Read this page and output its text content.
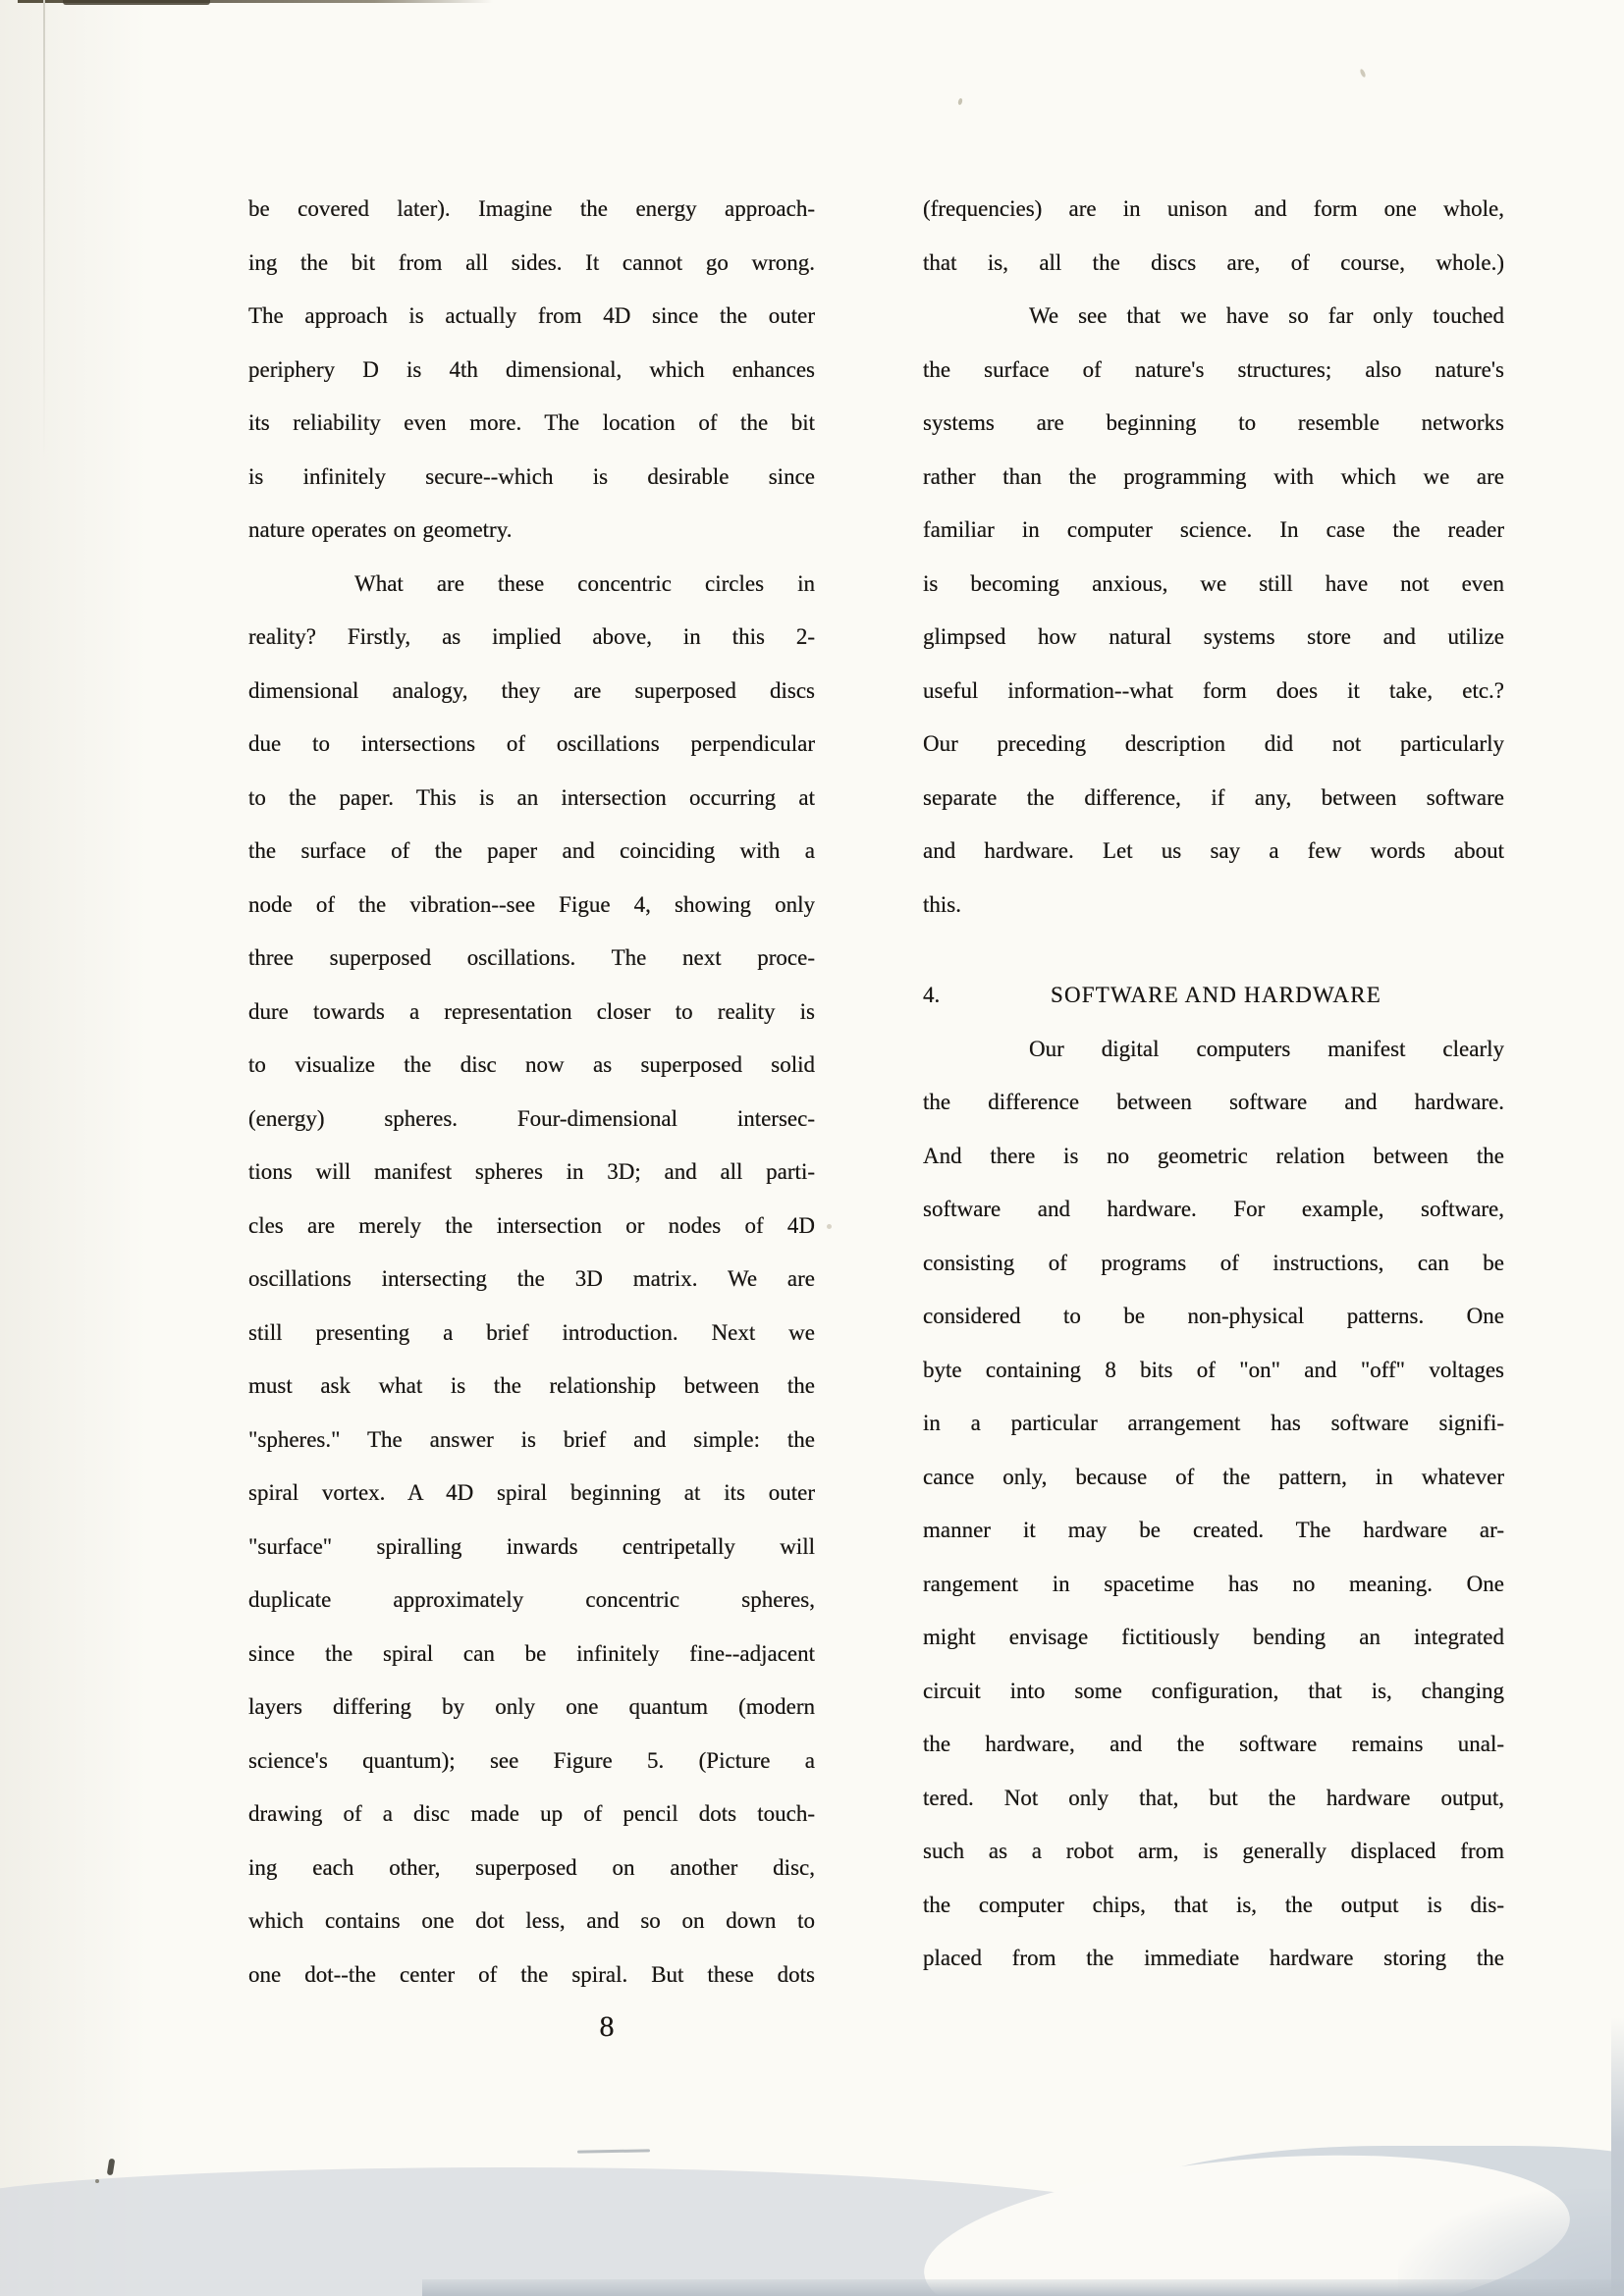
be covered later). Imagine the energy approach-
ing the bit from all sides. It cannot go wrong.
The approach is actually from 4D since the outer
periphery D is 4th dimensional, which enhances
its reliability even more. The location of the bit
is infinitely secure--which is desirable since
nature operates on geometry.
What are these concentric circles in
reality? Firstly, as implied above, in this 2-
dimensional analogy, they are superposed discs
due to intersections of oscillations perpendicular
to the paper. This is an intersection occurring at
the surface of the paper and coinciding with a
node of the vibration--see Figue 4, showing only
three superposed oscillations. The next proce-
dure towards a representation closer to reality is
to visualize the disc now as superposed solid
(energy) spheres. Four-dimensional intersec-
tions will manifest spheres in 3D; and all parti-
cles are merely the intersection or nodes of 4D
oscillations intersecting the 3D matrix. We are
still presenting a brief introduction. Next we
must ask what is the relationship between the
"spheres." The answer is brief and simple: the
spiral vortex. A 4D spiral beginning at its outer
"surface" spiralling inwards centripetally will
duplicate approximately concentric spheres,
since the spiral can be infinitely fine--adjacent
layers differing by only one quantum (modern
science's quantum); see Figure 5. (Picture a
drawing of a disc made up of pencil dots touch-
ing each other, superposed on another disc,
which contains one dot less, and so on down to
one dot--the center of the spiral. But these dots
(frequencies) are in unison and form one whole,
that is, all the discs are, of course, whole.)
We see that we have so far only touched
the surface of nature's structures; also nature's
systems are beginning to resemble networks
rather than the programming with which we are
familiar in computer science. In case the reader
is becoming anxious, we still have not even
glimpsed how natural systems store and utilize
useful information--what form does it take, etc.?
Our preceding description did not particularly
separate the difference, if any, between software
and hardware. Let us say a few words about
this.
4.	SOFTWARE AND HARDWARE
Our digital computers manifest clearly
the difference between software and hardware.
And there is no geometric relation between the
software and hardware. For example, software,
consisting of programs of instructions, can be
considered to be non-physical patterns. One
byte containing 8 bits of "on" and "off" voltages
in a particular arrangement has software signifi-
cance only, because of the pattern, in whatever
manner it may be created. The hardware ar-
rangement in spacetime has no meaning. One
might envisage fictitiously bending an integrated
circuit into some configuration, that is, changing
the hardware, and the software remains unal-
tered. Not only that, but the hardware output,
such as a robot arm, is generally displaced from
the computer chips, that is, the output is dis-
placed from the immediate hardware storing the
8
